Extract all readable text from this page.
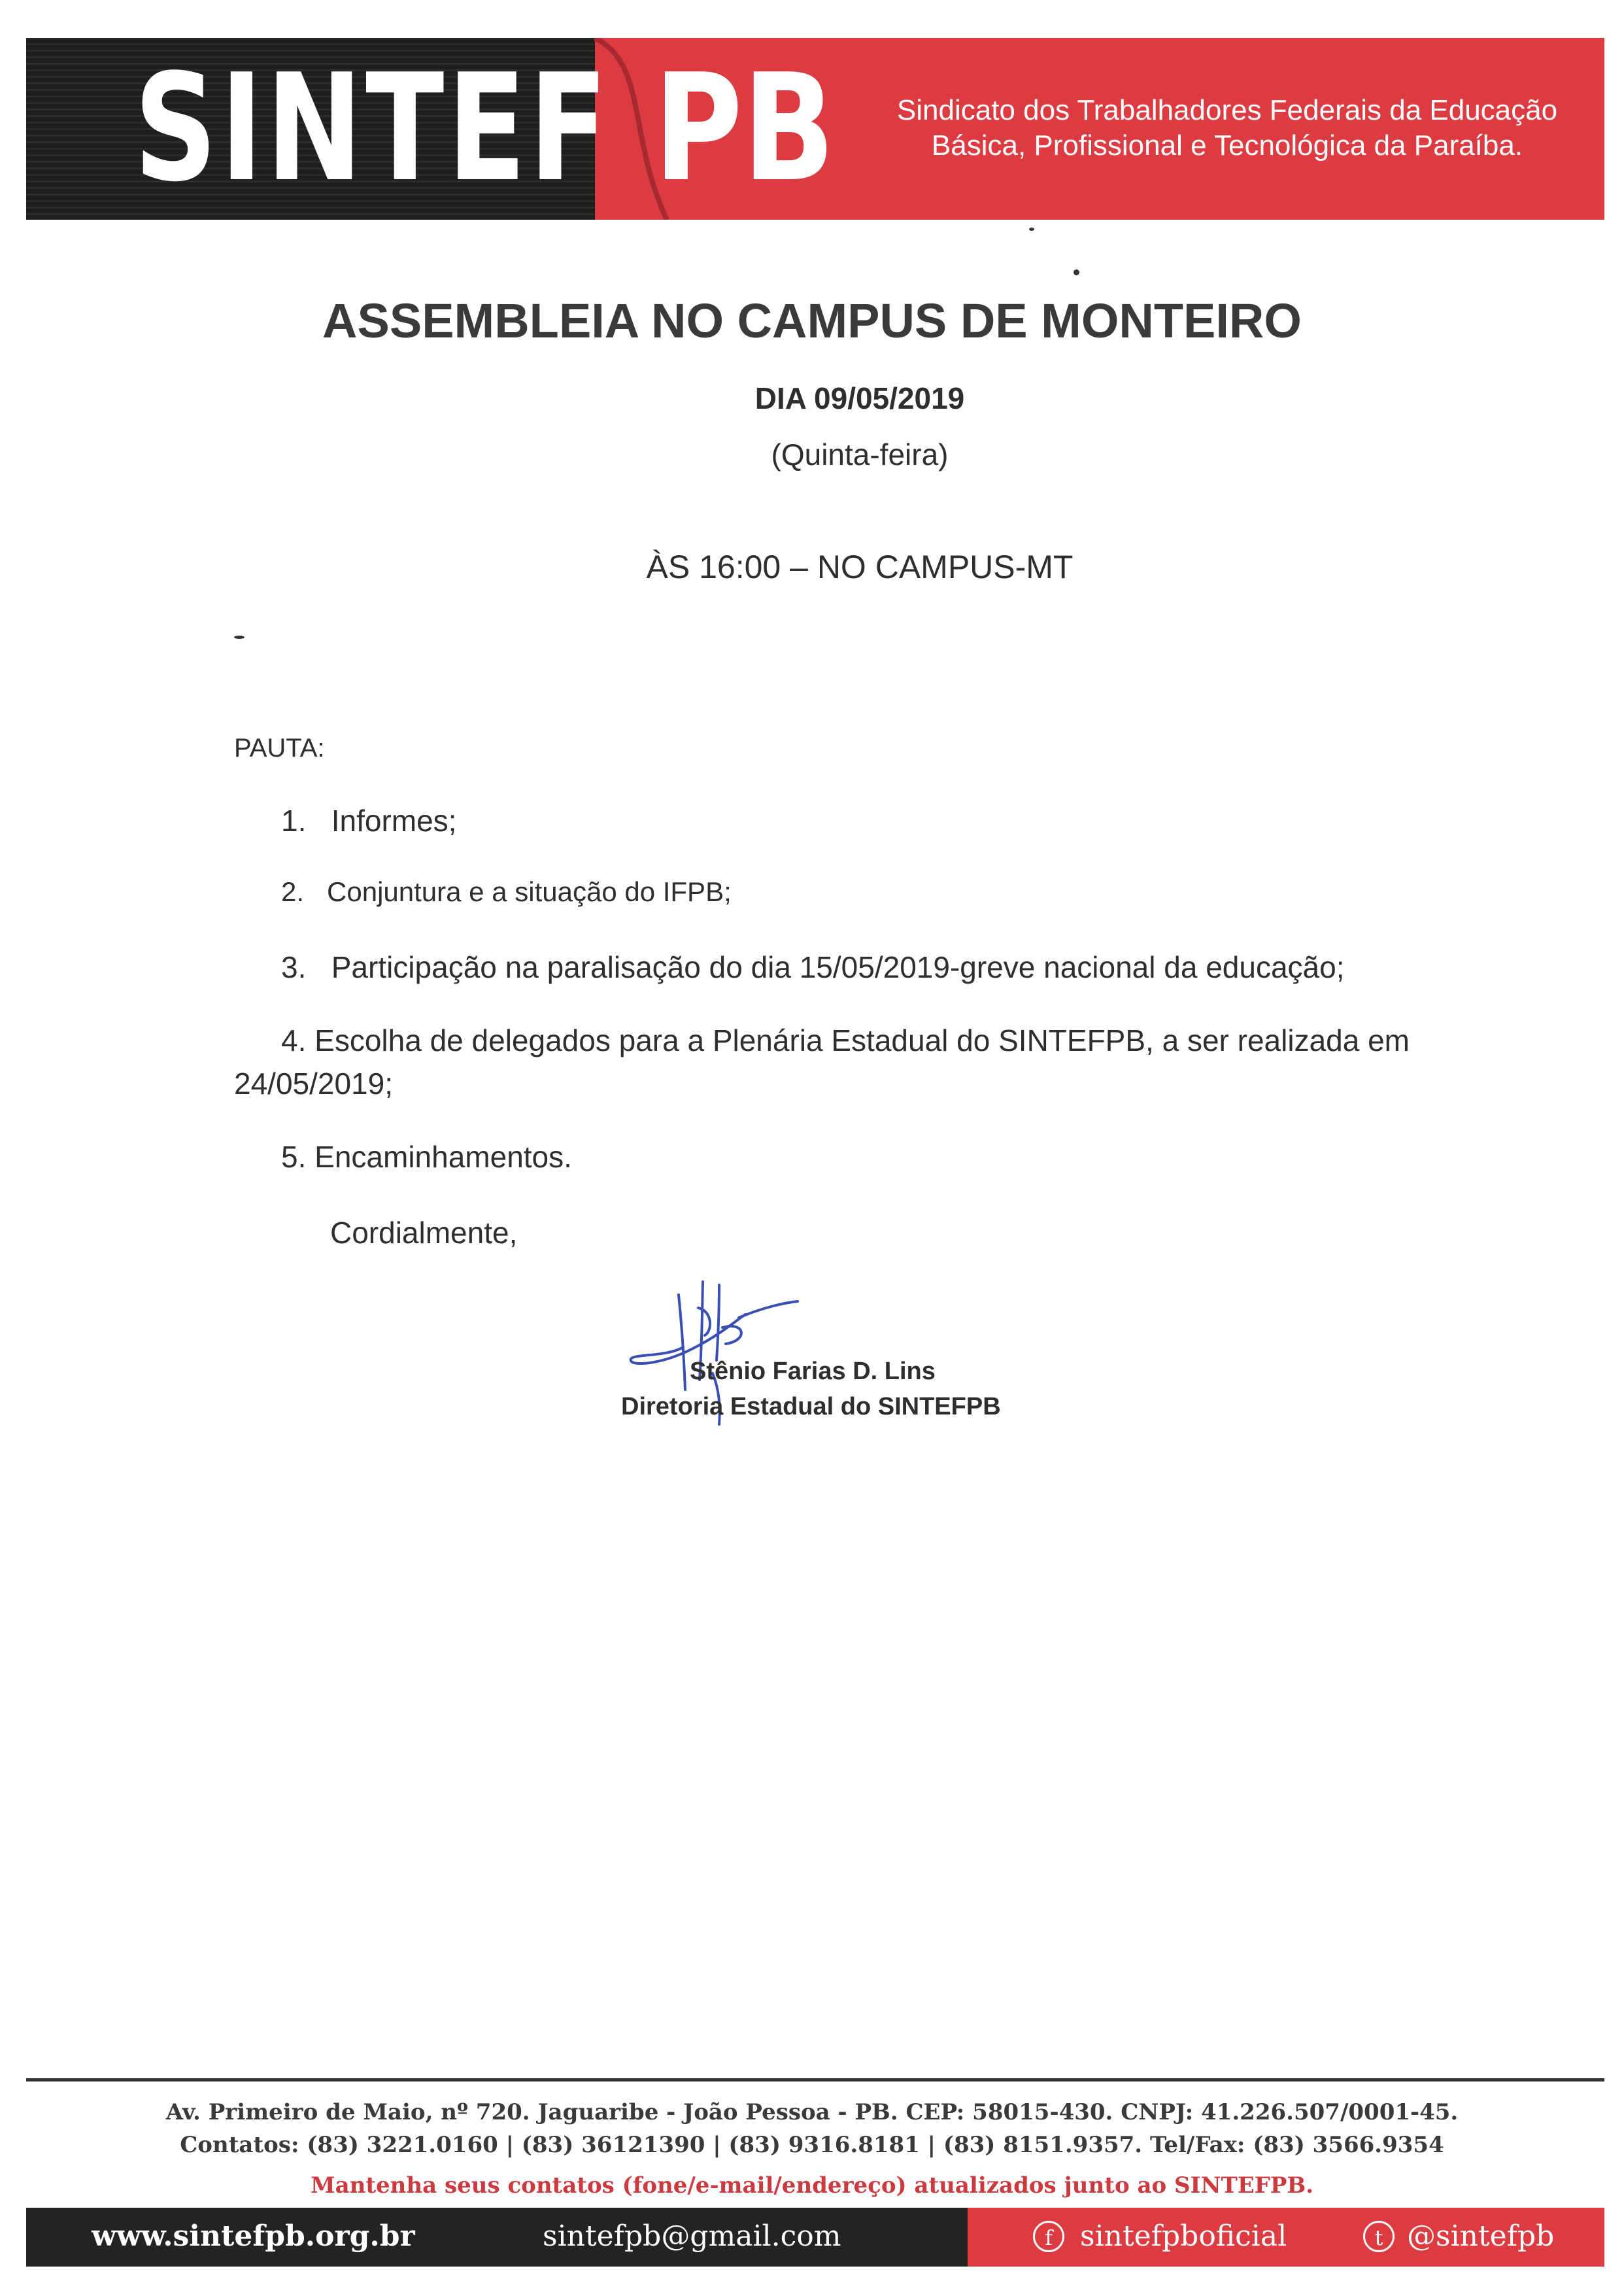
SINTEF PB	Sindicato dos Trabalhadores Federais da Educação
Básica, Profissional e Tecnológica da Paraíba.
ASSEMBLEIA NO CAMPUS DE MONTEIRO
DIA 09/05/2019
(Quinta-feira)
ÀS 16:00 – NO CAMPUS-MT
PAUTA:
1. Informes;
2. Conjuntura e a situação do IFPB;
3. Participação na paralisação do dia 15/05/2019-greve nacional da educação;
4. Escolha de delegados para a Plenária Estadual do SINTEFPB, a ser realizada em
24/05/2019;
5. Encaminhamentos.
Cordialmente,
Stênio Farias D. Lins
Diretoria Estadual do SINTEFPB
Av. Primeiro de Maio, nº 720. Jaguaribe - João Pessoa - PB. CEP: 58015-430. CNPJ: 41.226.507/0001-45.
Contatos: (83) 3221.0160 | (83) 36121390 | (83) 9316.8181 | (83) 8151.9357. Tel/Fax: (83) 3566.9354
Mantenha seus contatos (fone/e-mail/endereço) atualizados junto ao SINTEFPB.
www.sintefpb.org.br	sintefpb@gmail.com	f sintefpboficial	t @sintefpb
